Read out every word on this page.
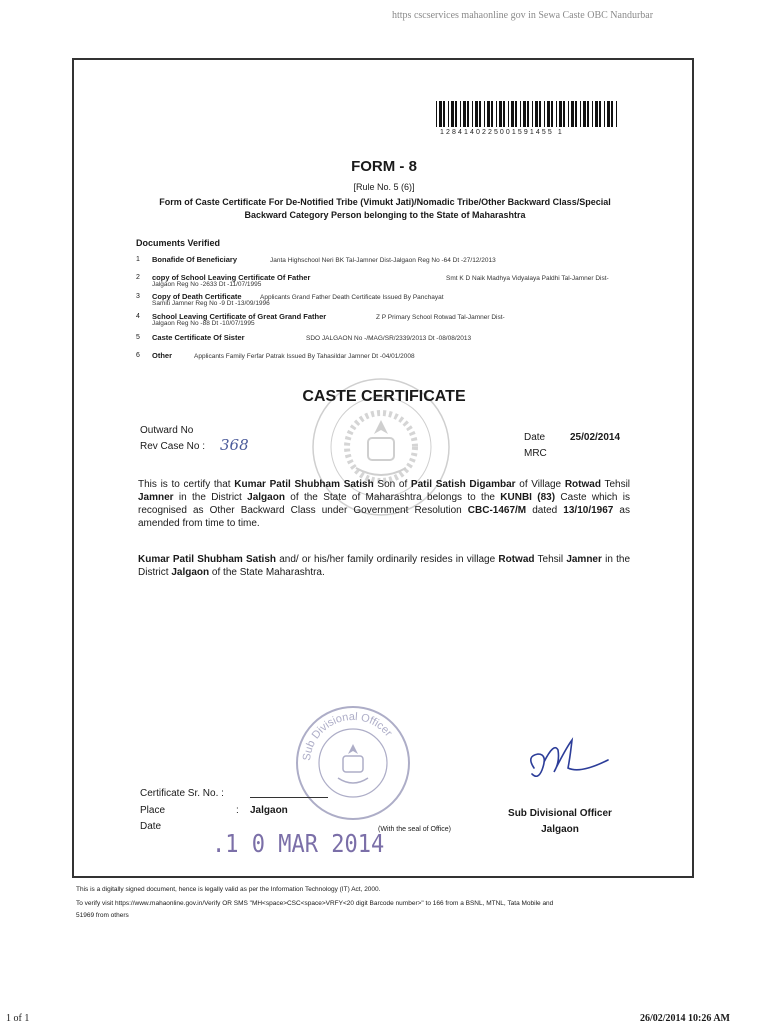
https cscservices mahaonline gov in Sewa Caste OBC Nandurbar
1284140225001591455 1
FORM - 8
[Rule No. 5 (6)]
Form of Caste Certificate For De-Notified Tribe (Vimukt Jati)/Nomadic Tribe/Other Backward Class/Special Backward Category Person belonging to the State of Maharashtra
Documents Verified
1 Bonafide Of Beneficiary	Janta Highschool Neri BK Tal-Jamner Dist-Jalgaon Reg No -64 Dt -27/12/2013
2 copy of School Leaving Certificate Of Father	Smt K D Naik Madhya Vidyalaya Paldhi Tal-Jamner Dist-
Jalgaon Reg No -2633 Dt -11/07/1995
3 Copy of Death Certificate	Applicants Grand Father Death Certificate Issued By Panchayat
Samiti Jamner Reg No -9 Dt -13/09/1996
4 School Leaving Certificate of Great Grand Father	Z P Primary School Rotwad Tal-Jamner Dist-
Jalgaon Reg No -88 Dt -10/07/1995
5 Caste Certificate Of Sister	SDO JALGAON No -/MAG/SR/2339/2013 Dt -08/08/2013
6 Other	Applicants Family Ferfar Patrak Issued By Tahasildar Jamner Dt -04/01/2008
CASTE CERTIFICATE
Outward No
Rev Case No : 368	Date 25/02/2014
MRC
This is to certify that Kumar Patil Shubham Satish Son of Patil Satish Digambar of Village Rotwad Tehsil Jamner in the District Jalgaon of the State of Maharashtra belongs to the KUNBI (83) Caste which is recognised as Other Backward Class under Government Resolution CBC-1467/M dated 13/10/1967 as amended from time to time.
Kumar Patil Shubham Satish and/ or his/her family ordinarily resides in village Rotwad Tehsil Jamner in the District Jalgaon of the State Maharashtra.
Sub Divisional Officer
Certificate Sr. No. :
Place	: Jalgaon
Date
.1 0 MAR 2014
(With the seal of Office)
Sub Divisional Officer
Jalgaon
This is a digitally signed document, hence is legally valid as per the Information Technology (IT) Act, 2000.
To verify visit https://www.mahaonline.gov.in/Verify OR SMS "MH<space>CSC<space>VRFY<20 digit Barcode number>" to 166 from a BSNL, MTNL, Tata Mobile and
51969 from others
1 of 1	26/02/2014 10:26 AM
